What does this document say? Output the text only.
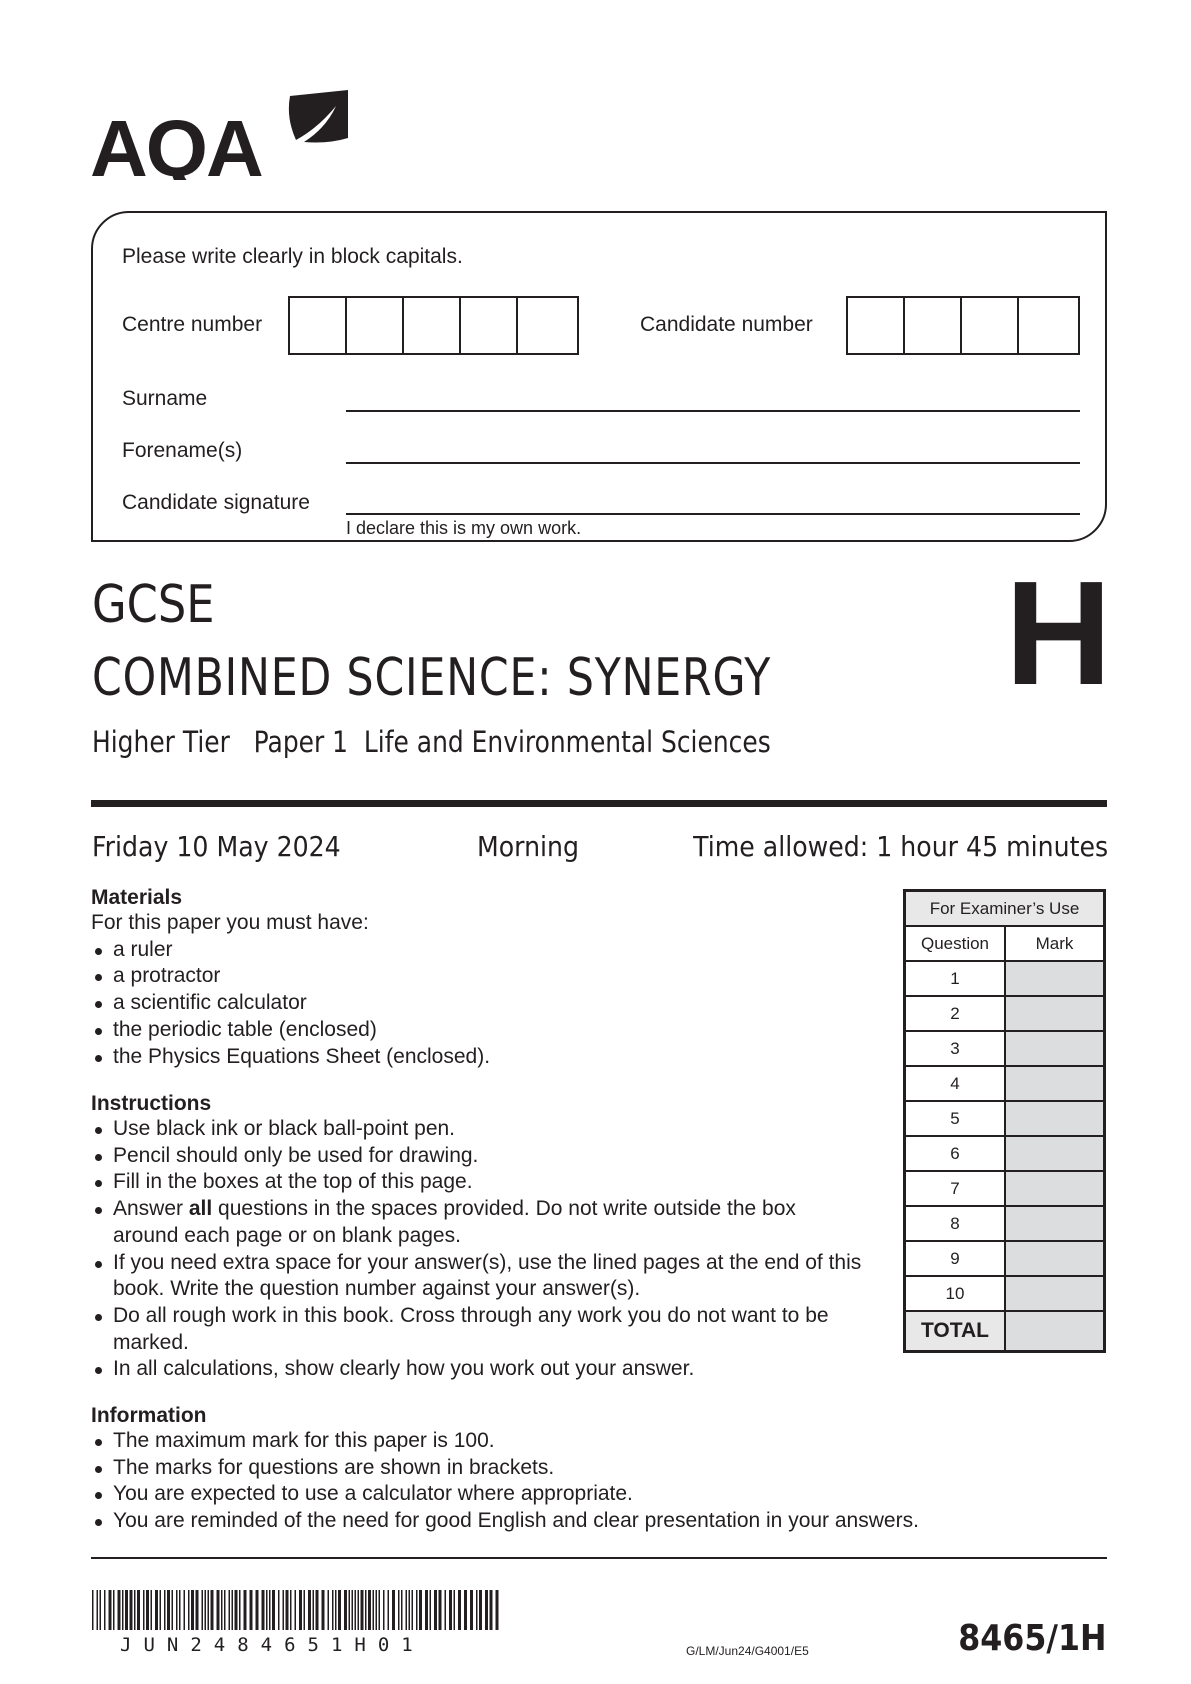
AQA
Please write clearly in block capitals.
Centre number	Candidate number
Surname
Forename(s)
Candidate signature
I declare this is my own work.
GCSE
COMBINED SCIENCE: SYNERGY
Higher Tier   Paper 1  Life and Environmental Sciences
H
Friday 10 May 2024	Morning	Time allowed: 1 hour 45 minutes
Materials
For this paper you must have:
a ruler
a protractor
a scientific calculator
the periodic table (enclosed)
the Physics Equations Sheet (enclosed).
Instructions
Use black ink or black ball-point pen.
Pencil should only be used for drawing.
Fill in the boxes at the top of this page.
Answer all questions in the spaces provided. Do not write outside the box
around each page or on blank pages.
If you need extra space for your answer(s), use the lined pages at the end of this book. Write the question number against your answer(s).
Do all rough work in this book. Cross through any work you do not want to be marked.
In all calculations, show clearly how you work out your answer.
Information
The maximum mark for this paper is 100.
The marks for questions are shown in brackets.
You are expected to use a calculator where appropriate.
You are reminded of the need for good English and clear presentation in your answers.
For Examiner’s Use	
Question	Mark
1	
2	
3	
4	
5	
6	
7	
8	
9	
10	
TOTAL	
JUN2484651H01	G/LM/Jun24/G4001/E5	8465/1H
